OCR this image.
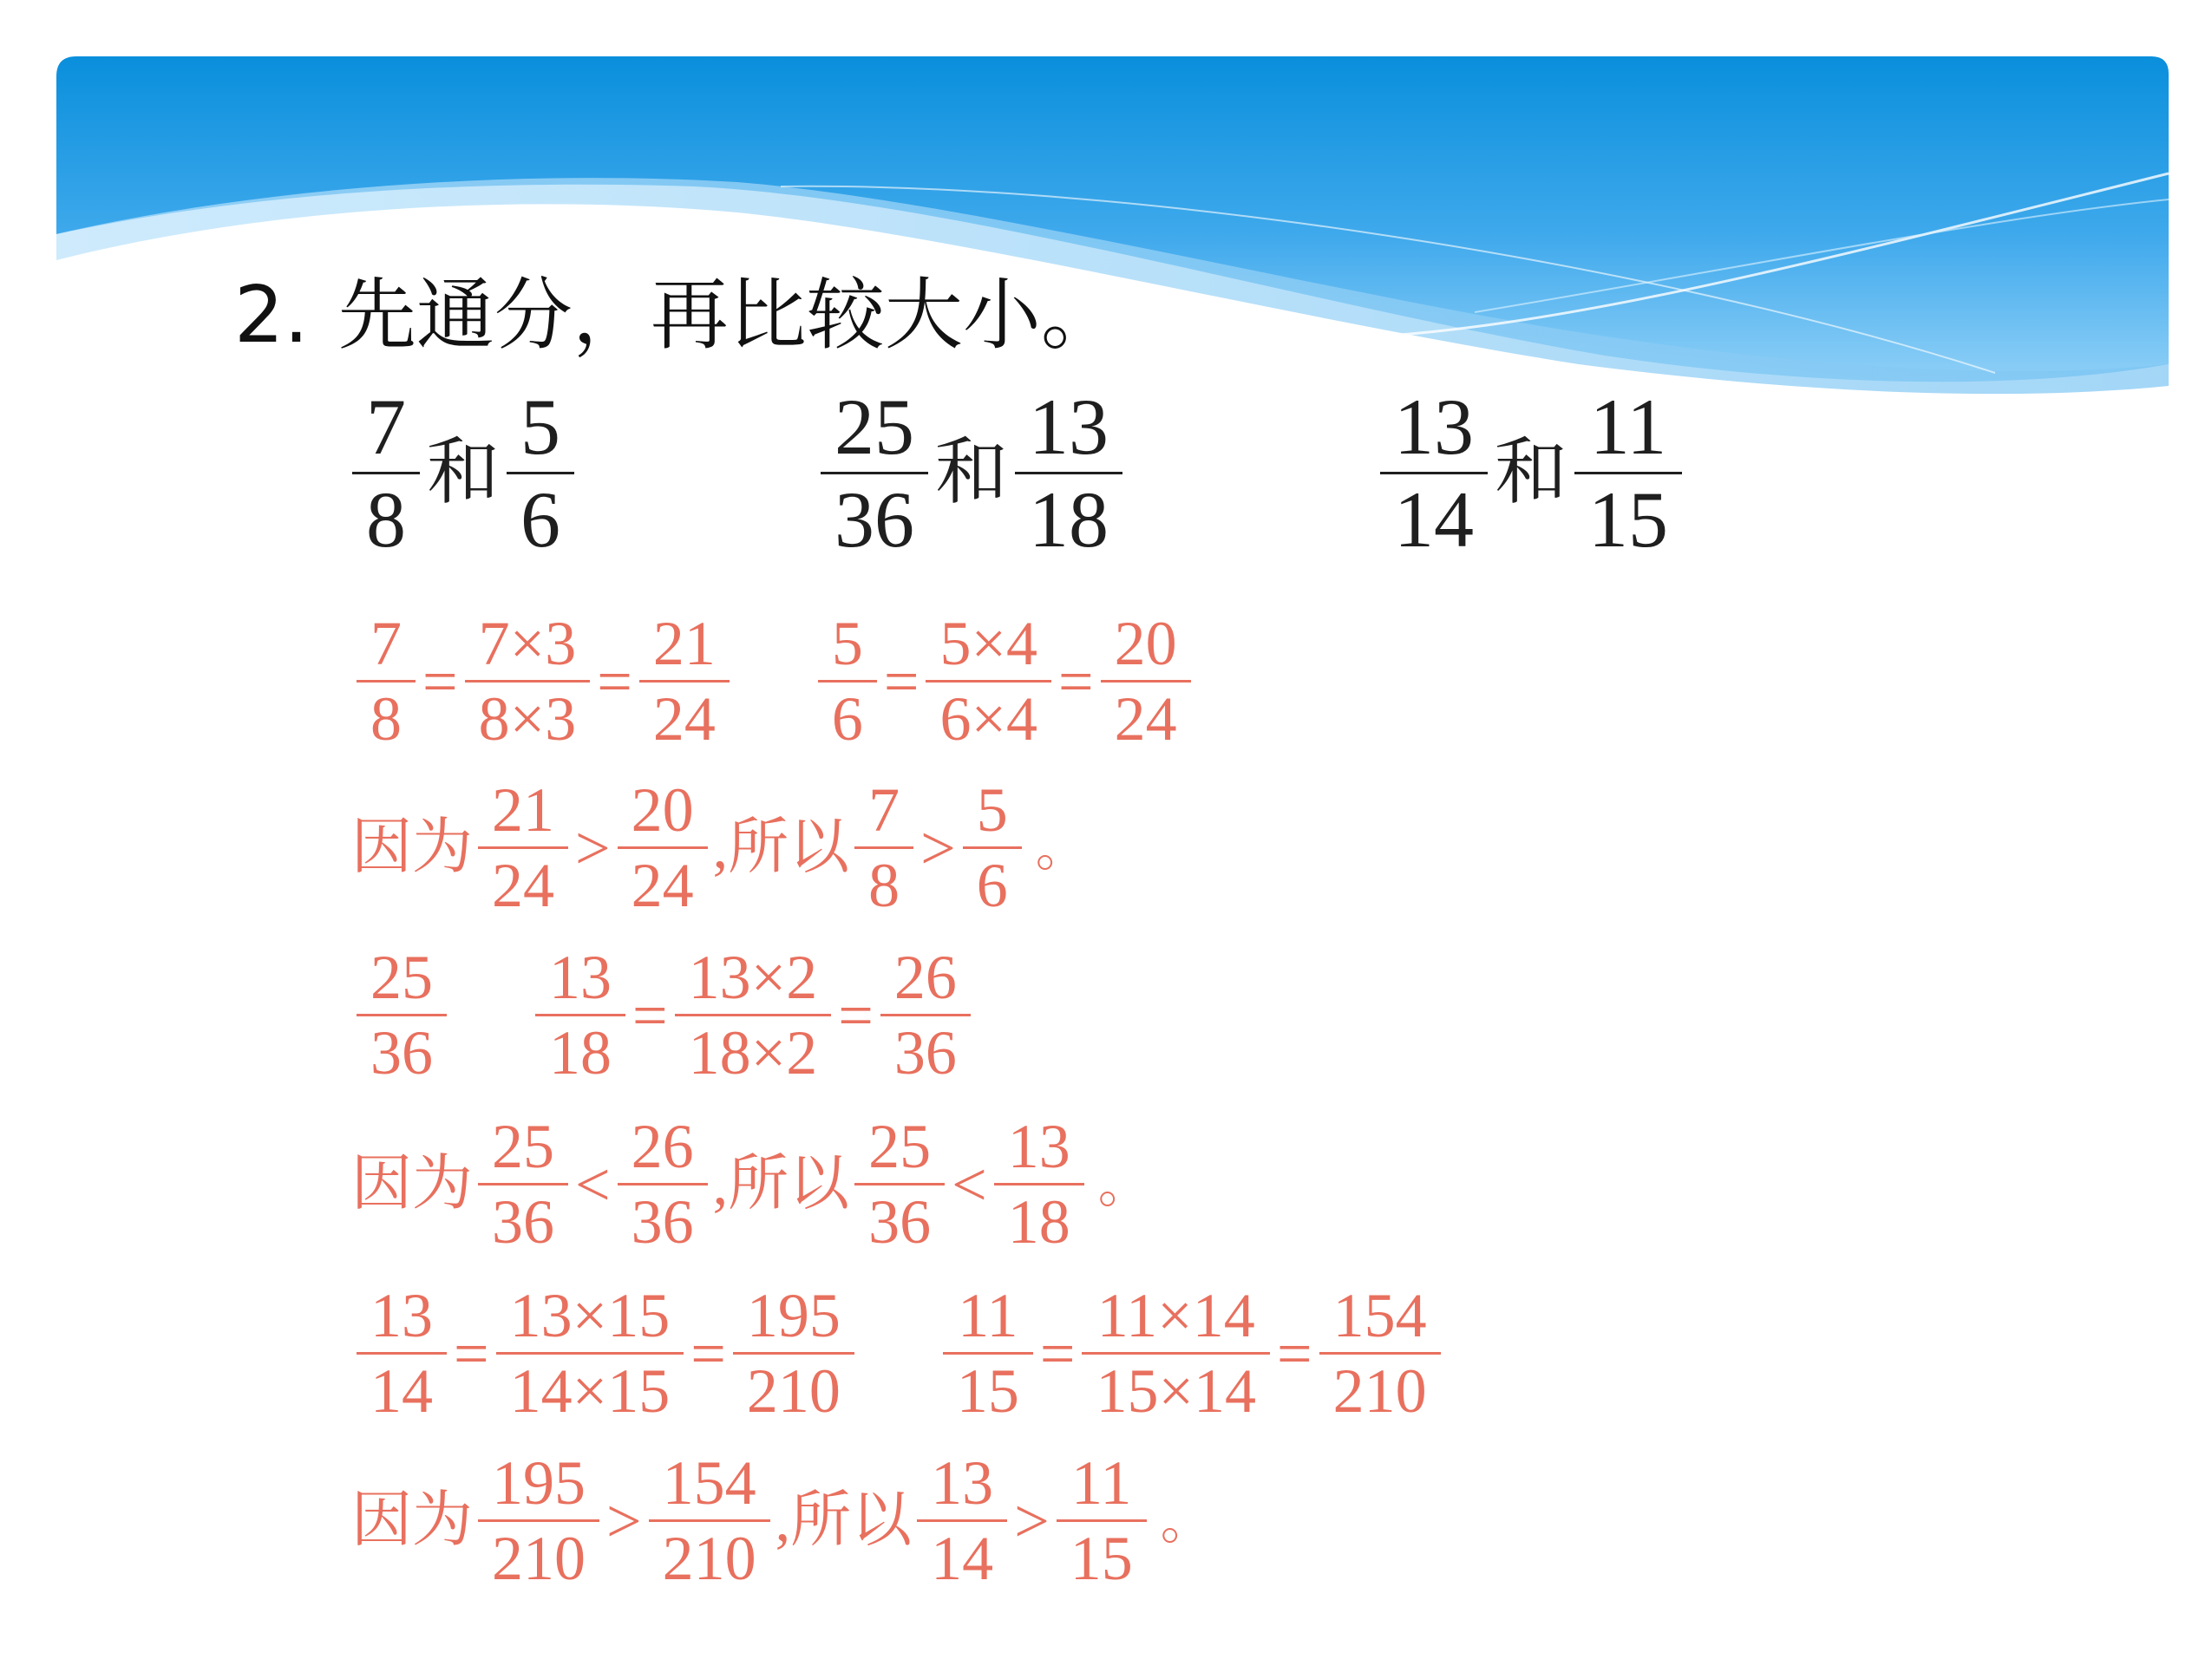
2. 先通分，再比较大小。
$\frac{7}{8}$ 和 $\frac{5}{6}$	$\frac{25}{36}$ 和 $\frac{13}{18}$	$\frac{13}{14}$ 和 $\frac{11}{15}$
$\frac{7}{8} = \frac{7\times 3}{8\times 3} = \frac{21}{24} \frac{5}{6} = \frac{5\times 4}{6\times 4} = \frac{20}{24}$
因为 $\frac{21}{24} > \frac{20}{24}$ ,所以 $\frac{7}{8} > \frac{5}{6}$ 。
$\frac{25}{36} \frac{13}{18} = \frac{13\times 2}{18\times 2} = \frac{26}{36}$
因为 $\frac{25}{36} < \frac{26}{36}$ ,所以 $\frac{25}{36} < \frac{13}{18}$ 。
$\frac{13}{14} = \frac{13\times 15}{14\times 15} = \frac{195}{210} \frac{11}{15} = \frac{11\times 14}{15\times 14} = \frac{154}{210}$
因为 $\frac{195}{210} > \frac{154}{210}$ ,所以 $\frac{13}{14} > \frac{11}{15}$ 。
